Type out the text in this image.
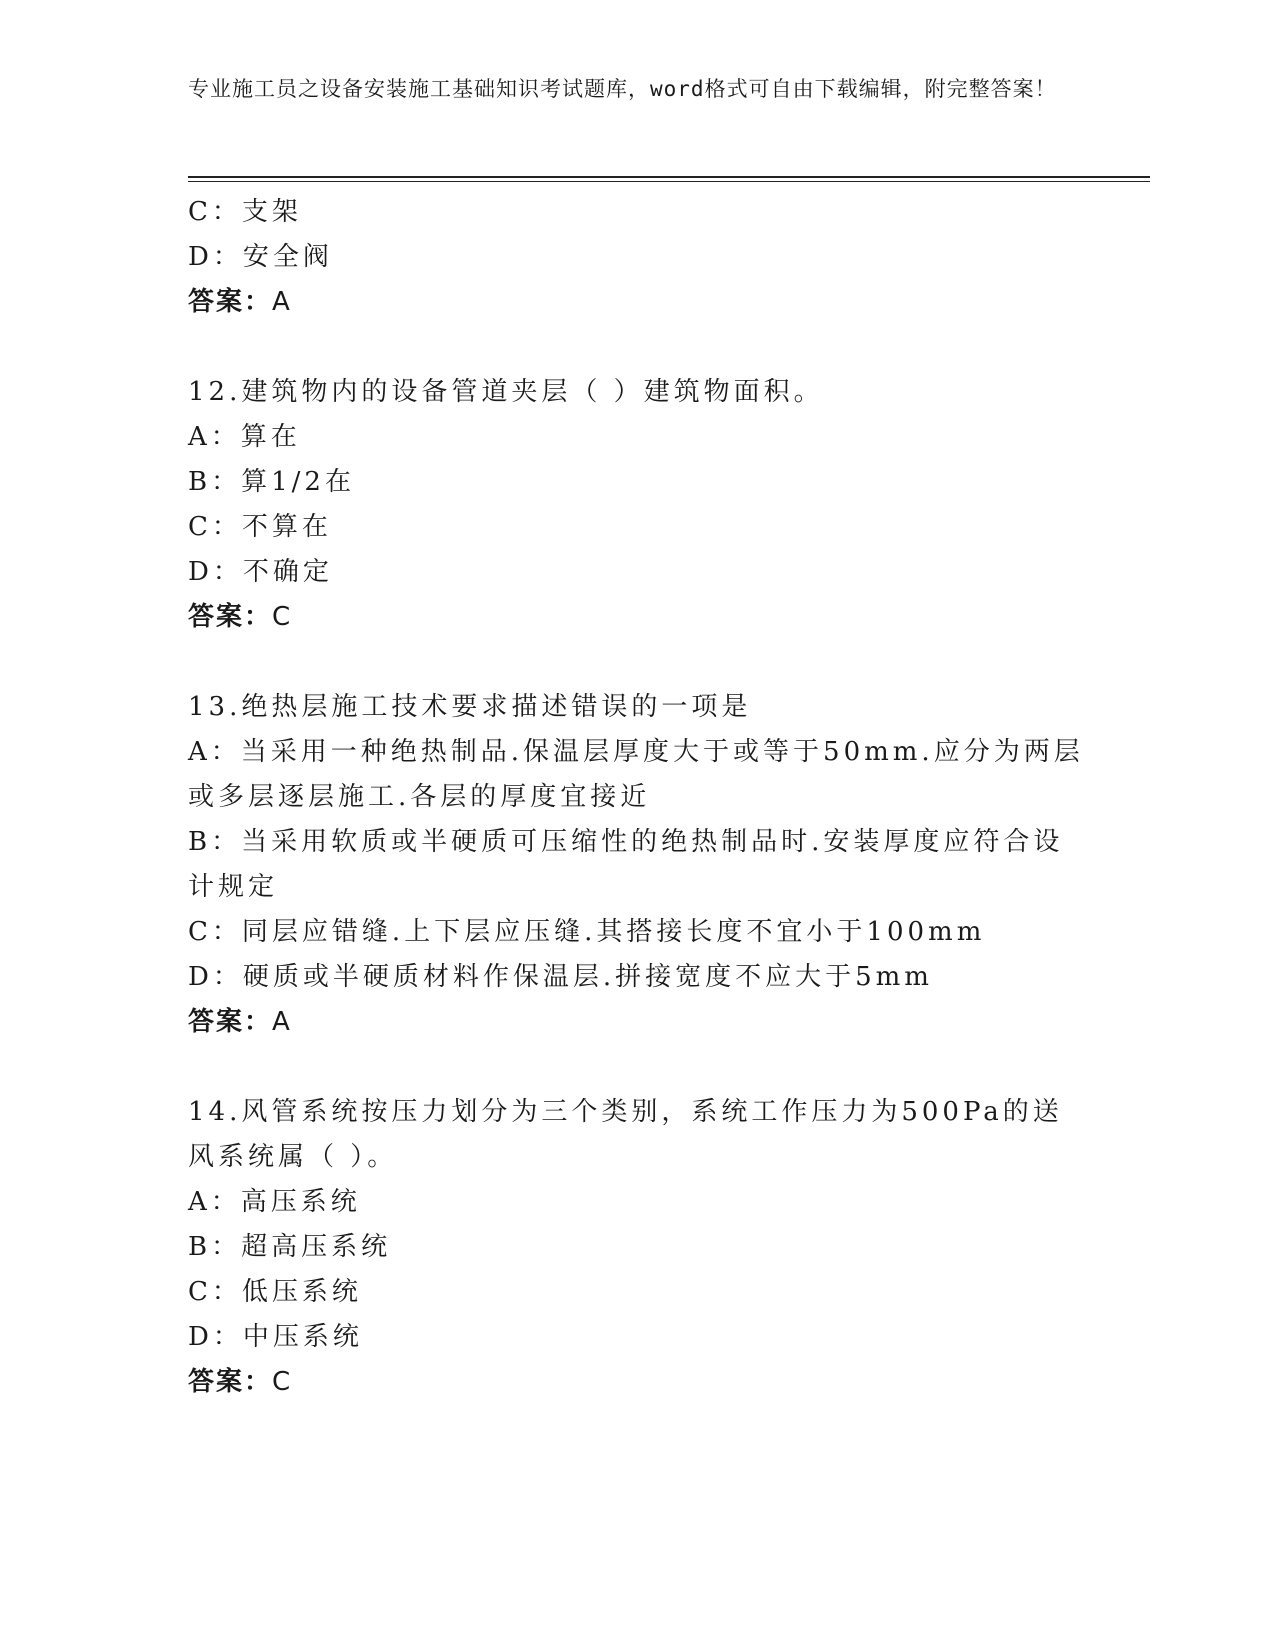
专业施工员之设备安装施工基础知识考试题库，word格式可自由下载编辑，附完整答案！
C：支架
D：安全阀
答案：A
12.建筑物内的设备管道夹层（ ）建筑物面积。
A：算在
B：算1/2在
C：不算在
D：不确定
答案：C
13.绝热层施工技术要求描述错误的一项是
A：当采用一种绝热制品.保温层厚度大于或等于50mm.应分为两层或多层逐层施工.各层的厚度宜接近
B：当采用软质或半硬质可压缩性的绝热制品时.安装厚度应符合设计规定
C：同层应错缝.上下层应压缝.其搭接长度不宜小于100mm
D：硬质或半硬质材料作保温层.拼接宽度不应大于5mm
答案：A
14.风管系统按压力划分为三个类别，系统工作压力为500Pa的送风系统属（ ）。
A：高压系统
B：超高压系统
C：低压系统
D：中压系统
答案：C
